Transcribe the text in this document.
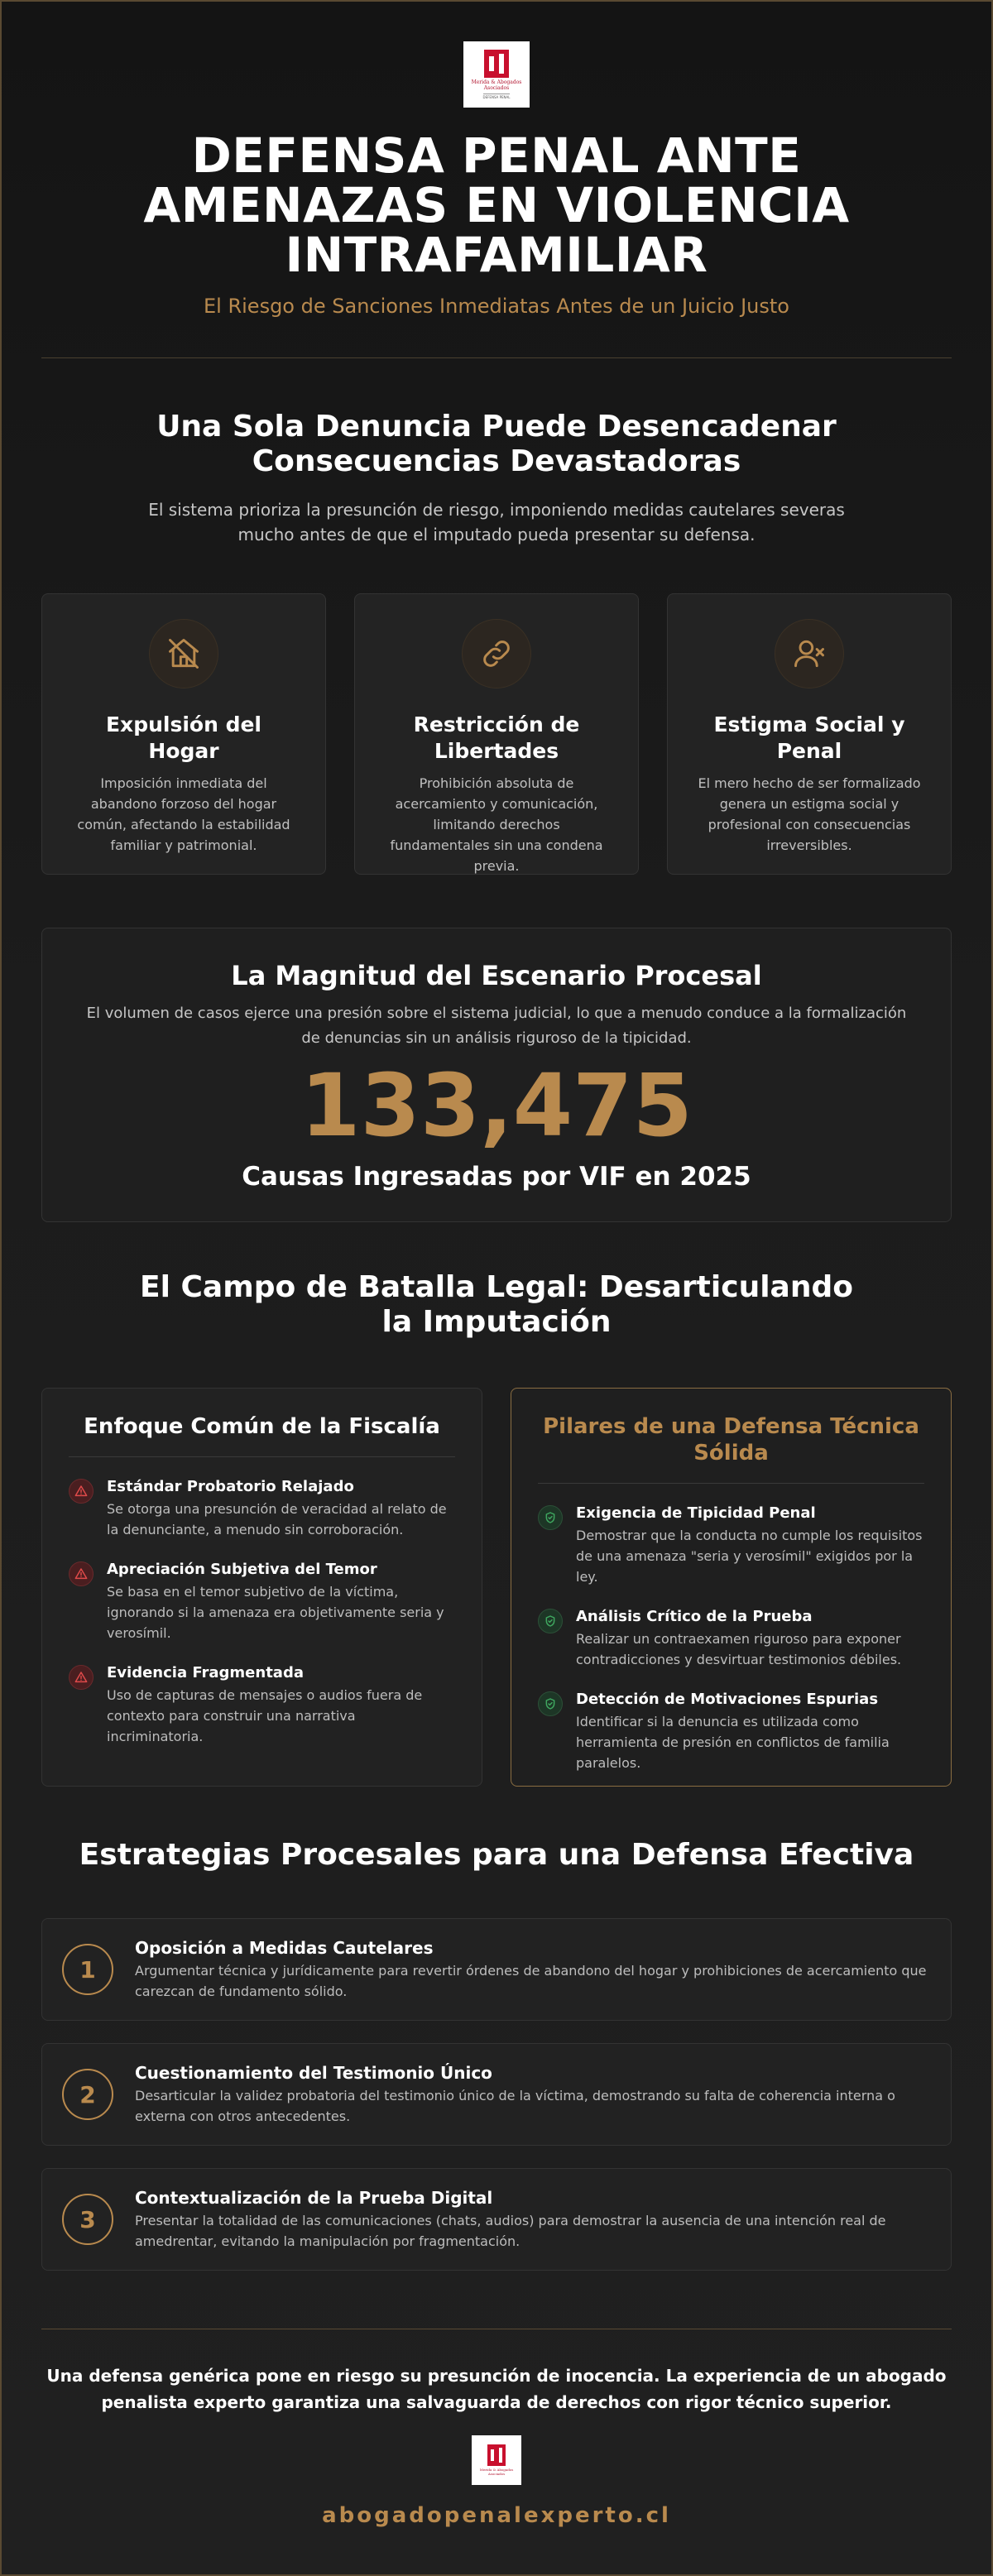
Merida & Abogados Asociados
DEFENSA PENAL
DEFENSA PENAL ANTE AMENAZAS EN VIOLENCIA INTRAFAMILIAR
El Riesgo de Sanciones Inmediatas Antes de un Juicio Justo
Una Sola Denuncia Puede Desencadenar Consecuencias Devastadoras

El sistema prioriza la presunción de riesgo, imponiendo medidas cautelares severas mucho antes de que el imputado pueda presentar su defensa.

Expulsión del Hogar
Imposición inmediata del abandono forzoso del hogar común, afectando la estabilidad familiar y patrimonial.
Restricción de Libertades
Prohibición absoluta de acercamiento y comunicación, limitando derechos fundamentales sin una condena previa.
Estigma Social y Penal
El mero hecho de ser formalizado genera un estigma social y profesional con consecuencias irreversibles.
La Magnitud del Escenario Procesal
El volumen de casos ejerce una presión sobre el sistema judicial, lo que a menudo conduce a la formalización de denuncias sin un análisis riguroso de la tipicidad.
133,475
Causas Ingresadas por VIF en 2025
El Campo de Batalla Legal: Desarticulando la Imputación
Enfoque Común de la Fiscalía
Estándar Probatorio Relajado
Se otorga una presunción de veracidad al relato de la denunciante, a menudo sin corroboración.
Apreciación Subjetiva del Temor
Se basa en el temor subjetivo de la víctima, ignorando si la amenaza era objetivamente seria y verosímil.
Evidencia Fragmentada
Uso de capturas de mensajes o audios fuera de contexto para construir una narrativa incriminatoria.
Pilares de una Defensa Técnica Sólida
Exigencia de Tipicidad Penal
Demostrar que la conducta no cumple los requisitos de una amenaza "seria y verosímil" exigidos por la ley.
Análisis Crítico de la Prueba
Realizar un contraexamen riguroso para exponer contradicciones y desvirtuar testimonios débiles.
Detección de Motivaciones Espurias
Identificar si la denuncia es utilizada como herramienta de presión en conflictos de familia paralelos.
Estrategias Procesales para una Defensa Efectiva
1
Oposición a Medidas Cautelares
Argumentar técnica y jurídicamente para revertir órdenes de abandono del hogar y prohibiciones de acercamiento que carezcan de fundamento sólido.
2
Cuestionamiento del Testimonio Único
Desarticular la validez probatoria del testimonio único de la víctima, demostrando su falta de coherencia interna o externa con otros antecedentes.
3
Contextualización de la Prueba Digital
Presentar la totalidad de las comunicaciones (chats, audios) para demostrar la ausencia de una intención real de amedrentar, evitando la manipulación por fragmentación.

Una defensa genérica pone en riesgo su presunción de inocencia. La experiencia de un abogado penalista experto garantiza una salvaguarda de derechos con rigor técnico superior.

Merida & Abogados Asociados
abogadopenalexperto.cl
